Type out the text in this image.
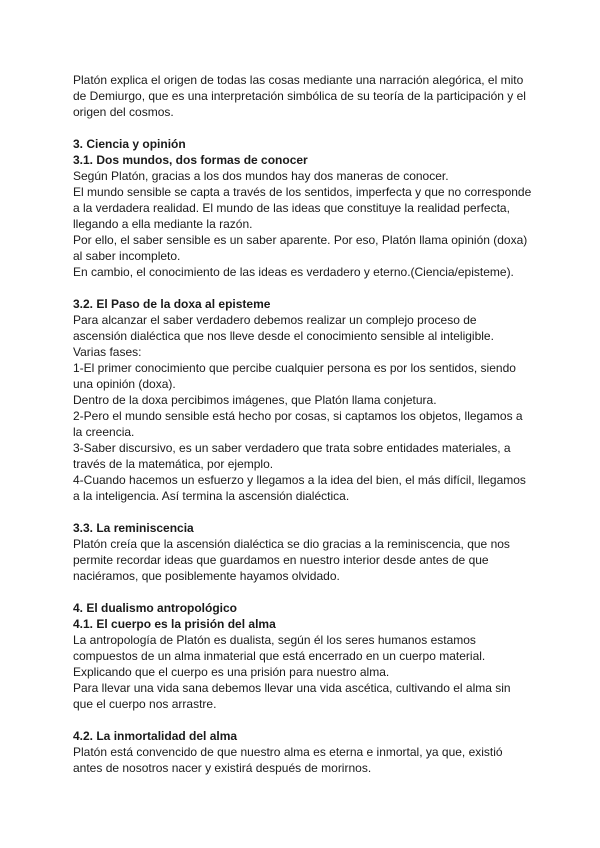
Platón explica el origen de todas las cosas mediante una narración alegórica, el mito de Demiurgo, que es una interpretación simbólica de su teoría de la participación y el origen del cosmos.

3. Ciencia y opinión

3.1. Dos mundos, dos formas de conocer

Según Platón, gracias a los dos mundos hay dos maneras de conocer.

El mundo sensible se capta a través de los sentidos, imperfecta y que no corresponde a la verdadera realidad. El mundo de las ideas que constituye la realidad perfecta, llegando a ella mediante la razón.

Por ello, el saber sensible es un saber aparente. Por eso, Platón llama opinión (doxa) al saber incompleto.

En cambio, el conocimiento de las ideas es verdadero y eterno.(Ciencia/episteme).

3.2. El Paso de la doxa al episteme

Para alcanzar el saber verdadero debemos realizar un complejo proceso de ascensión dialéctica que nos lleve desde el conocimiento sensible al inteligible.

Varias fases:

1-El primer conocimiento que percibe cualquier persona es por los sentidos, siendo una opinión (doxa).

Dentro de la doxa percibimos imágenes, que Platón llama conjetura.

2-Pero el mundo sensible está hecho por cosas, si captamos los objetos, llegamos a la creencia.

3-Saber discursivo, es un saber verdadero que trata sobre entidades materiales, a través de la matemática, por ejemplo.

4-Cuando hacemos un esfuerzo y llegamos a la idea del bien, el más difícil, llegamos a la inteligencia. Así termina la ascensión dialéctica.

3.3. La reminiscencia

Platón creía que la ascensión dialéctica se dio gracias a la reminiscencia, que nos permite recordar ideas que guardamos en nuestro interior desde antes de que naciéramos, que posiblemente hayamos olvidado.

4. El dualismo antropológico

4.1. El cuerpo es la prisión del alma

La antropología de Platón es dualista, según él los seres humanos estamos compuestos de un alma inmaterial que está encerrado en un cuerpo material.

Explicando que el cuerpo es una prisión para nuestro alma.

Para llevar una vida sana debemos llevar una vida ascética, cultivando el alma sin que el cuerpo nos arrastre.

4.2. La inmortalidad del alma

Platón está convencido de que nuestro alma es eterna e inmortal, ya que, existió antes de nosotros nacer y existirá después de morirnos.
